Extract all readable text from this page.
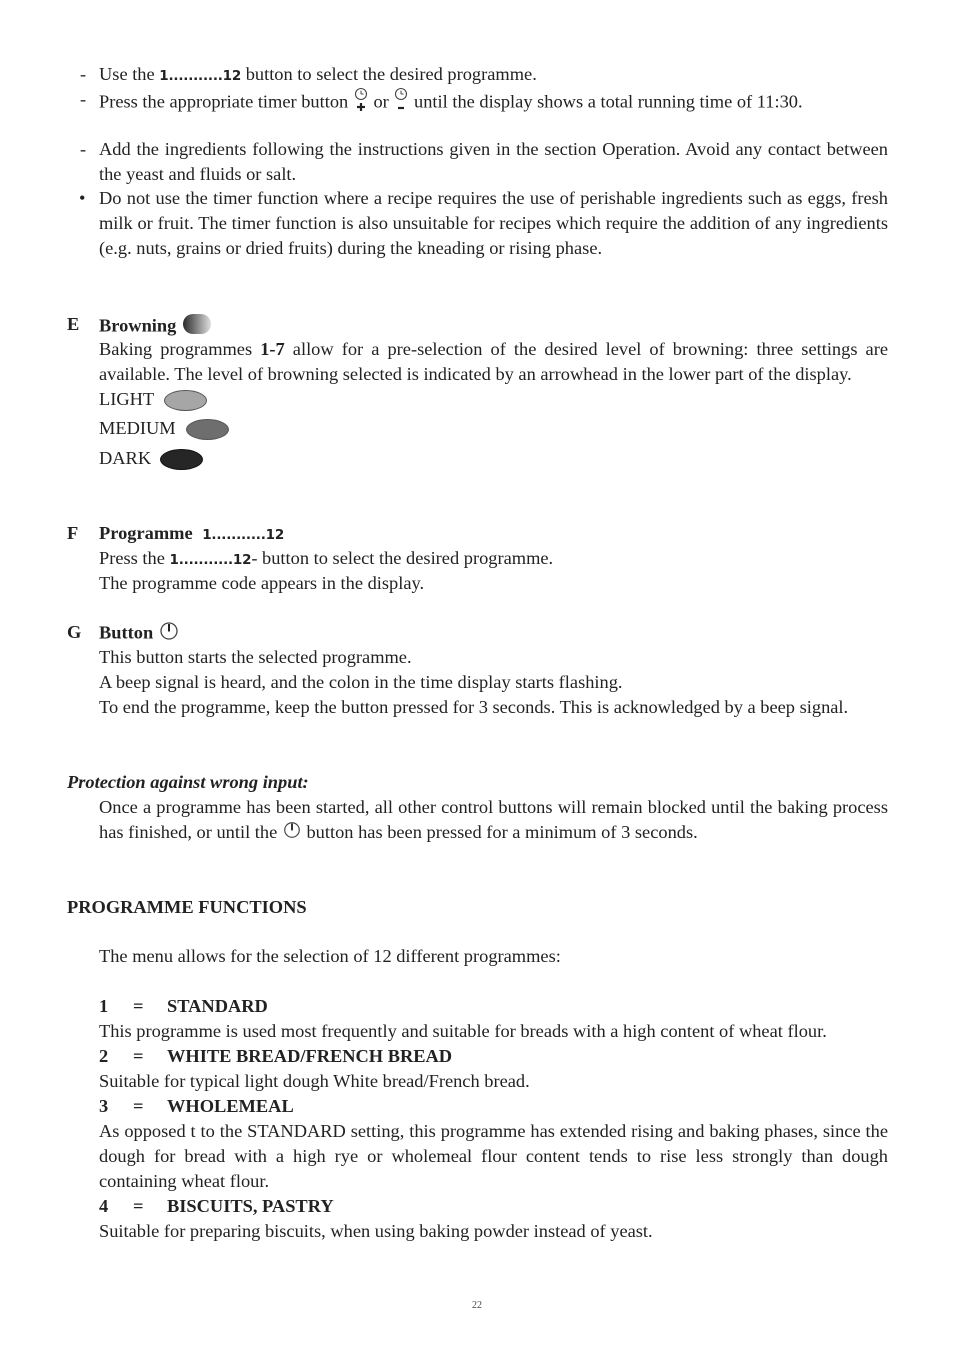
- Use the 1...........12 button to select the desired programme.
- Press the appropriate timer button or until the display shows a total running time of 11:30.
- Add the ingredients following the instructions given in the section Operation. Avoid any contact between the yeast and fluids or salt.
• Do not use the timer function where a recipe requires the use of perishable ingredients such as eggs, fresh milk or fruit. The timer function is also unsuitable for recipes which require the addition of any ingredients (e.g. nuts, grains or dried fruits) during the kneading or rising phase.
E Browning
Baking programmes 1-7 allow for a pre-selection of the desired level of browning: three settings are available. The level of browning selected is indicated by an arrowhead in the lower part of the display.
LIGHT
MEDIUM
DARK
F Programme 1...........12
Press the 1...........12- button to select the desired programme.
The programme code appears in the display.
G Button
This button starts the selected programme.
A beep signal is heard, and the colon in the time display starts flashing.
To end the programme, keep the button pressed for 3 seconds. This is acknowledged by a beep signal.
Protection against wrong input:
Once a programme has been started, all other control buttons will remain blocked until the baking process has finished, or until the button has been pressed for a minimum of 3 seconds.
PROGRAMME FUNCTIONS
The menu allows for the selection of 12 different programmes:
1 = STANDARD
This programme is used most frequently and suitable for breads with a high content of wheat flour.
2 = WHITE BREAD/FRENCH BREAD
Suitable for typical light dough White bread/French bread.
3 = WHOLEMEAL
As opposed t to the STANDARD setting, this programme has extended rising and baking phases, since the dough for bread with a high rye or wholemeal flour content tends to rise less strongly than dough containing wheat flour.
4 = BISCUITS, PASTRY
Suitable for preparing biscuits, when using baking powder instead of yeast.
22
